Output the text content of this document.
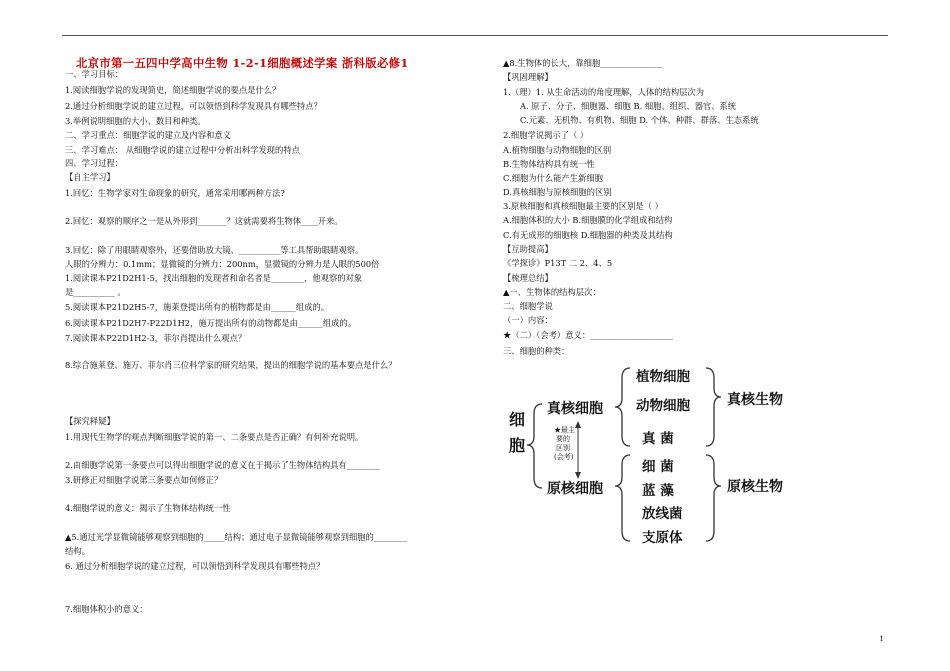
北京市第一五四中学高中生物 1-2-1细胞概述学案 浙科版必修1
一、学习目标：
1.阅读细胞学说的发现简史，简述细胞学说的要点是什么？
2.通过分析细胞学说的建立过程，可以领悟到科学发现具有哪些特点？
3.举例说明细胞的大小、数目和种类。
二、学习重点：细胞学说的建立及内容和意义
三、学习难点： 从细胞学说的建立过程中分析出科学发现的特点
四、学习过程：
【自主学习】
1.回忆：生物学家对生命现象的研究，通常采用哪两种方法?
2.回忆：观察的顺序之一是从外形到_______？这就需要将生物体____开来。
3.回忆：除了用眼睛观察外，还要借助放大镜、__________等工具帮助眼睛观察。
人眼的分辨力：0.1mm；显微镜的分辨力：200nm，显微镜的分辨力是人眼的500倍
1.阅读课本P21D2H1-5，找出细胞的发现者和命名者是________，他观察的对象
是__________ 。
5.阅读课本P21D2H5-7，施莱登提出所有的植物都是由______组成的。
6.阅读课本P21D2H7-P22D1H2，施万提出所有的动物都是由______组成的。
7.阅读课本P22D1H2-3，菲尔肖提出什么观点？
8.综合施莱登、施万、菲尔肖三位科学家的研究结果，提出的细胞学说的基本要点是什么？
【探究释疑】
1.用现代生物学的观点判断细胞学说的第一、二条要点是否正确？有何补充说明。
2.由细胞学说第一条要点可以得出细胞学说的意义在于揭示了生物体结构具有________
3.研修正对细胞学说第三条要点如何修正？
4.细胞学说的意义：揭示了生物体结构统一性
▲5.通过光学显微镜能够观察到细胞的_____结构；通过电子显微镜能够观察到细胞的________
结构。
6. 通过分析细胞学说的建立过程，可以领悟到科学发现具有哪些特点？
7.细胞体积小的意义：
▲8.生物体的长大，靠细胞_______________
【巩固理解】
1.（理）1. 从生命活动的角度理解，人体的结构层次为
A. 原子、分子、细胞器、细胞 B. 细胞、组织、器官、系统
C.元素、无机物、有机物、细胞 D. 个体、种群、群落、生态系统
2.细胞学说揭示了（ ）
A.植物细胞与动物细胞的区别
B.生物体结构具有统一性
C.细胞为什么能产生新细胞
D.真核细胞与原核细胞的区别
3.原核细胞和真核细胞最主要的区别是（ ）
A.细胞体积的大小 B.细胞膜的化学组成和结构
C.有无成形的细胞核 D.细胞器的种类及其结构
【互助提高】
《学探诊》P13T 二 2、4、5
【梳理总结】
▲一、生物体的结构层次：
二、细胞学说
（一）内容：
★（二）（会考）意义：____________________
三、细胞的种类：
细胞
真核细胞
原核细胞
植物细胞
动物细胞
真 菌
细 菌
蓝 藻
放线菌
支原体
真核生物
原核生物
★最主
要的
区别
(会考)
1
